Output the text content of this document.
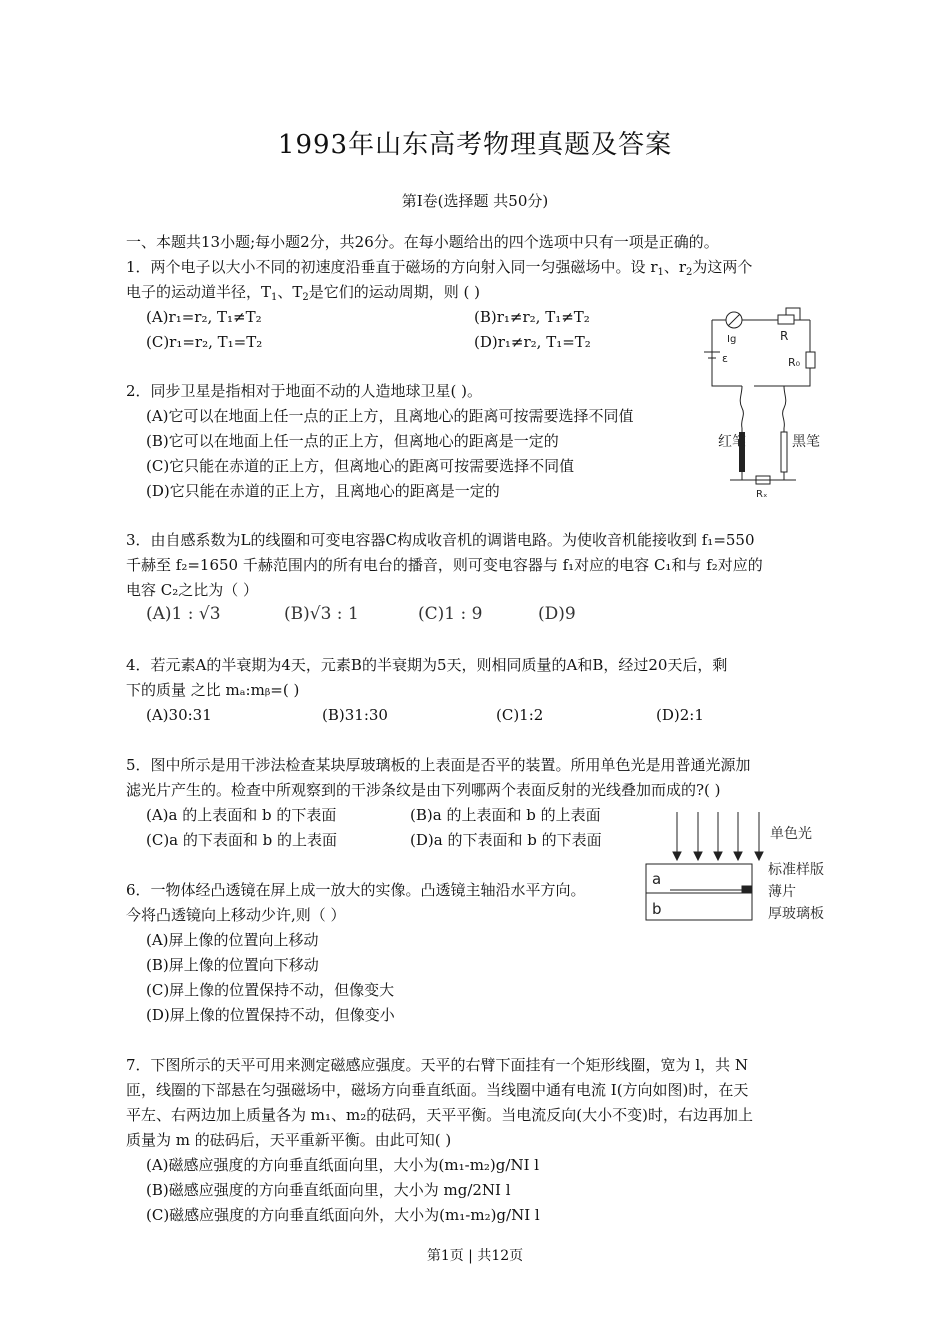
1993年山东高考物理真题及答案
第Ⅰ卷(选择题 共50分)
一、本题共13小题;每小题2分，共26分。在每小题给出的四个选项中只有一项是正确的。
1．两个电子以大小不同的初速度沿垂直于磁场的方向射入同一匀强磁场中。设 $r_1$、$r_2$为这两个
电子的运动道半径，$T_1$、$T_2$是它们的运动周期，则 ( )
(A)r₁=r₂, T₁≠T₂	(B)r₁≠r₂, T₁≠T₂
(C)r₁=r₂, T₁=T₂	(D)r₁≠r₂, T₁=T₂
2．同步卫星是指相对于地面不动的人造地球卫星( )。
(A)它可以在地面上任一点的正上方，且离地心的距离可按需要选择不同值
(B)它可以在地面上任一点的正上方，但离地心的距离是一定的
(C)它只能在赤道的正上方，但离地心的距离可按需要选择不同值
(D)它只能在赤道的正上方，且离地心的距离是一定的
Ig	R
ε	R₀
红笔	黑笔
Rₓ
3．由自感系数为L的线圈和可变电容器C构成收音机的调谐电路。为使收音机能接收到 f₁=550
千赫至 f₂=1650 千赫范围内的所有电台的播音，则可变电容器与 f₁对应的电容 C₁和与 f₂对应的
电容 C₂之比为（ ）
(A)1 : √3	(B)√3 : 1	(C)1 : 9	(D)9
4．若元素A的半衰期为4天，元素B的半衰期为5天，则相同质量的A和B，经过20天后，剩
下的质量 之比 mₐ:mᵦ=( )
(A)30:31	(B)31:30	(C)1:2	(D)2:1
5．图中所示是用干涉法检查某块厚玻璃板的上表面是否平的装置。所用单色光是用普通光源加
滤光片产生的。检查中所观察到的干涉条纹是由下列哪两个表面反射的光线叠加而成的?( )
(A)a 的上表面和 b 的下表面	(B)a 的上表面和 b 的上表面
(C)a 的下表面和 b 的上表面	(D)a 的下表面和 b 的下表面
a
b
单色光
标准样版
薄片
厚玻璃板
6．一物体经凸透镜在屏上成一放大的实像。凸透镜主轴沿水平方向。
今将凸透镜向上移动少许,则（ ）
(A)屏上像的位置向上移动
(B)屏上像的位置向下移动
(C)屏上像的位置保持不动，但像变大
(D)屏上像的位置保持不动，但像变小
7．下图所示的天平可用来测定磁感应强度。天平的右臂下面挂有一个矩形线圈，宽为 l，共 N
匝，线圈的下部悬在匀强磁场中，磁场方向垂直纸面。当线圈中通有电流 I(方向如图)时，在天
平左、右两边加上质量各为 m₁、m₂的砝码，天平平衡。当电流反向(大小不变)时，右边再加上
质量为 m 的砝码后，天平重新平衡。由此可知( )
(A)磁感应强度的方向垂直纸面向里，大小为(m₁-m₂)g/NI l
(B)磁感应强度的方向垂直纸面向里，大小为 mg/2NI l
(C)磁感应强度的方向垂直纸面向外，大小为(m₁-m₂)g/NI l
第1页 | 共12页
